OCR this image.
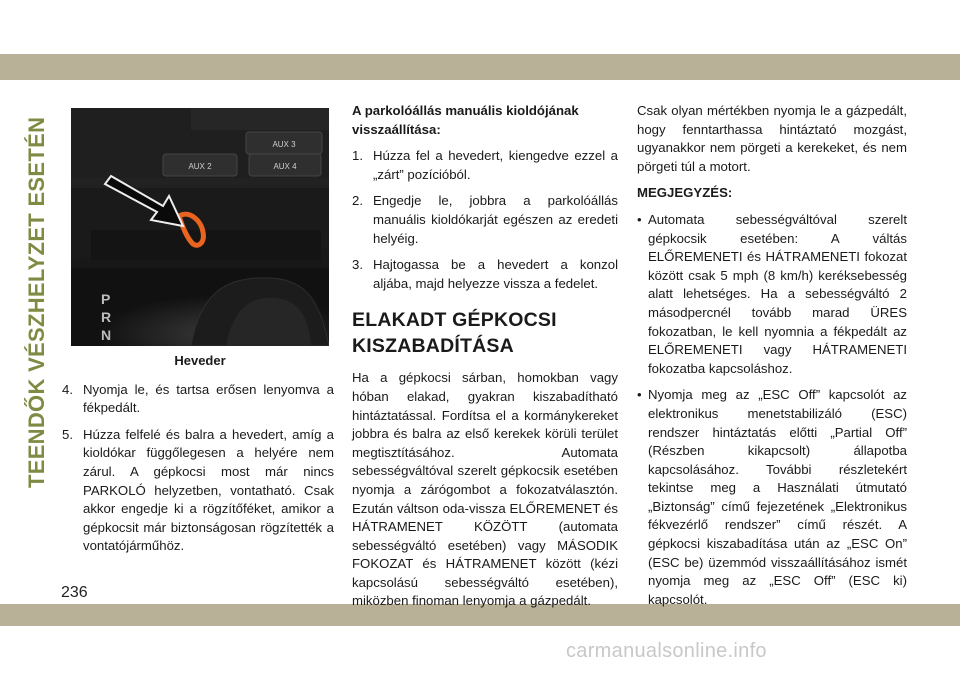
TEENDŐK VÉSZHELYZET ESETÉN	AUX 3
AUX 2	AUX 4
P
R
N
Heveder
4. Nyomja le, és tartsa erősen lenyomva a fékpedált.
5. Húzza felfelé és balra a hevedert, amíg a kioldókar függőlegesen a helyére nem zárul. A gépkocsi most már nincs PARKOLÓ helyzetben, vontatható. Csak akkor engedje ki a rögzítőféket, amikor a gépkocsit már biztonságosan rögzítették a vontatójárműhöz.
A parkolóállás manuális kioldójának visszaállítása:
1. Húzza fel a hevedert, kiengedve ezzel a „zárt” pozícióból.
2. Engedje le, jobbra a parkolóállás manuális kioldókarját egészen az eredeti helyéig.
3. Hajtogassa be a hevedert a konzol aljába, majd helyezze vissza a fedelet.
ELAKADT GÉPKOCSI KISZABADÍTÁSA

Ha a gépkocsi sárban, homokban vagy hóban elakad, gyakran kiszabadítható hintáztatással. Fordítsa el a kormánykereket jobbra és balra az első kerekek körüli terület megtisztításához. Automata sebességváltóval szerelt gépkocsik esetében nyomja a zárógombot a fokozatválasztón. Ezután váltson oda-vissza ELŐREMENET és HÁTRAMENET KÖZÖTT (automata sebességváltó esetében) vagy MÁSODIK FOKOZAT és HÁTRAMENET között (kézi kapcsolású sebességváltó esetében), miközben finoman lenyomja a gázpedált.

Csak olyan mértékben nyomja le a gázpedált, hogy fenntarthassa hintáztató mozgást, ugyanakkor nem pörgeti a kerekeket, és nem pörgeti túl a motort.

MEGJEGYZÉS:
• Automata sebességváltóval szerelt gépkocsik esetében: A váltás ELŐREMENETI és HÁTRAMENETI fokozat között csak 5 mph (8 km/h) keréksebesség alatt lehetséges. Ha a sebességváltó 2 másodpercnél tovább marad ÜRES fokozatban, le kell nyomnia a fékpedált az ELŐREMENETI vagy HÁTRAMENETI fokozatba kapcsoláshoz.
• Nyomja meg az „ESC Off” kapcsolót az elektronikus menetstabilizáló (ESC) rendszer hintáztatás előtti „Partial Off” (Részben kikapcsolt) állapotba kapcsolásához. További részletekért tekintse meg a Használati útmutató „Biztonság” című fejezetének „Elektronikus fékvezérlő rendszer” című részét. A gépkocsi kiszabadítása után az „ESC On” (ESC be) üzemmód visszaállításához ismét nyomja meg az „ESC Off” (ESC ki) kapcsolót.
236
carmanualsonline.info
